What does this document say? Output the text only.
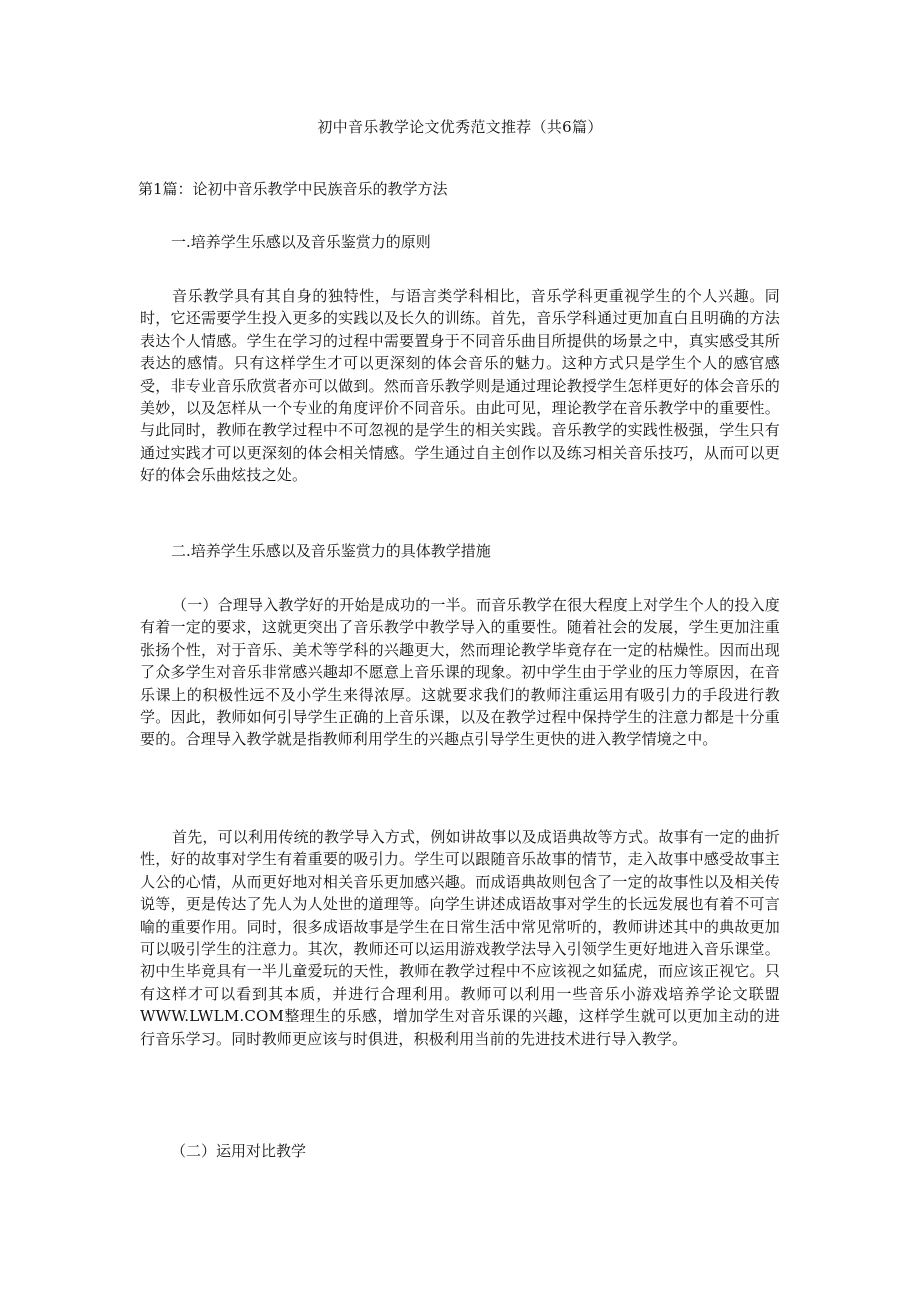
初中音乐教学论文优秀范文推荐（共6篇）
第1篇：论初中音乐教学中民族音乐的教学方法
一.培养学生乐感以及音乐鉴赏力的原则

音乐教学具有其自身的独特性，与语言类学科相比，音乐学科更重视学生的个人兴趣。同时，它还需要学生投入更多的实践以及长久的训练。首先，音乐学科通过更加直白且明确的方法表达个人情感。学生在学习的过程中需要置身于不同音乐曲目所提供的场景之中，真实感受其所表达的感情。只有这样学生才可以更深刻的体会音乐的魅力。这种方式只是学生个人的感官感受，非专业音乐欣赏者亦可以做到。然而音乐教学则是通过理论教授学生怎样更好的体会音乐的美妙，以及怎样从一个专业的角度评价不同音乐。由此可见，理论教学在音乐教学中的重要性。与此同时，教师在教学过程中不可忽视的是学生的相关实践。音乐教学的实践性极强，学生只有通过实践才可以更深刻的体会相关情感。学生通过自主创作以及练习相关音乐技巧，从而可以更好的体会乐曲炫技之处。

二.培养学生乐感以及音乐鉴赏力的具体教学措施

（一）合理导入教学好的开始是成功的一半。而音乐教学在很大程度上对学生个人的投入度有着一定的要求，这就更突出了音乐教学中教学导入的重要性。随着社会的发展，学生更加注重张扬个性，对于音乐、美术等学科的兴趣更大，然而理论教学毕竟存在一定的枯燥性。因而出现了众多学生对音乐非常感兴趣却不愿意上音乐课的现象。初中学生由于学业的压力等原因，在音乐课上的积极性远不及小学生来得浓厚。这就要求我们的教师注重运用有吸引力的手段进行教学。因此，教师如何引导学生正确的上音乐课，以及在教学过程中保持学生的注意力都是十分重要的。合理导入教学就是指教师利用学生的兴趣点引导学生更快的进入教学情境之中。

首先，可以利用传统的教学导入方式，例如讲故事以及成语典故等方式。故事有一定的曲折性，好的故事对学生有着重要的吸引力。学生可以跟随音乐故事的情节，走入故事中感受故事主人公的心情，从而更好地对相关音乐更加感兴趣。而成语典故则包含了一定的故事性以及相关传说等，更是传达了先人为人处世的道理等。向学生讲述成语故事对学生的长远发展也有着不可言喻的重要作用。同时，很多成语故事是学生在日常生活中常见常听的，教师讲述其中的典故更加可以吸引学生的注意力。其次，教师还可以运用游戏教学法导入引领学生更好地进入音乐课堂。初中生毕竟具有一半儿童爱玩的天性，教师在教学过程中不应该视之如猛虎，而应该正视它。只有这样才可以看到其本质，并进行合理利用。教师可以利用一些音乐小游戏培养学论文联盟WWW.LWLM.COM整理生的乐感，增加学生对音乐课的兴趣，这样学生就可以更加主动的进行音乐学习。同时教师更应该与时俱进，积极利用当前的先进技术进行导入教学。

（二）运用对比教学
